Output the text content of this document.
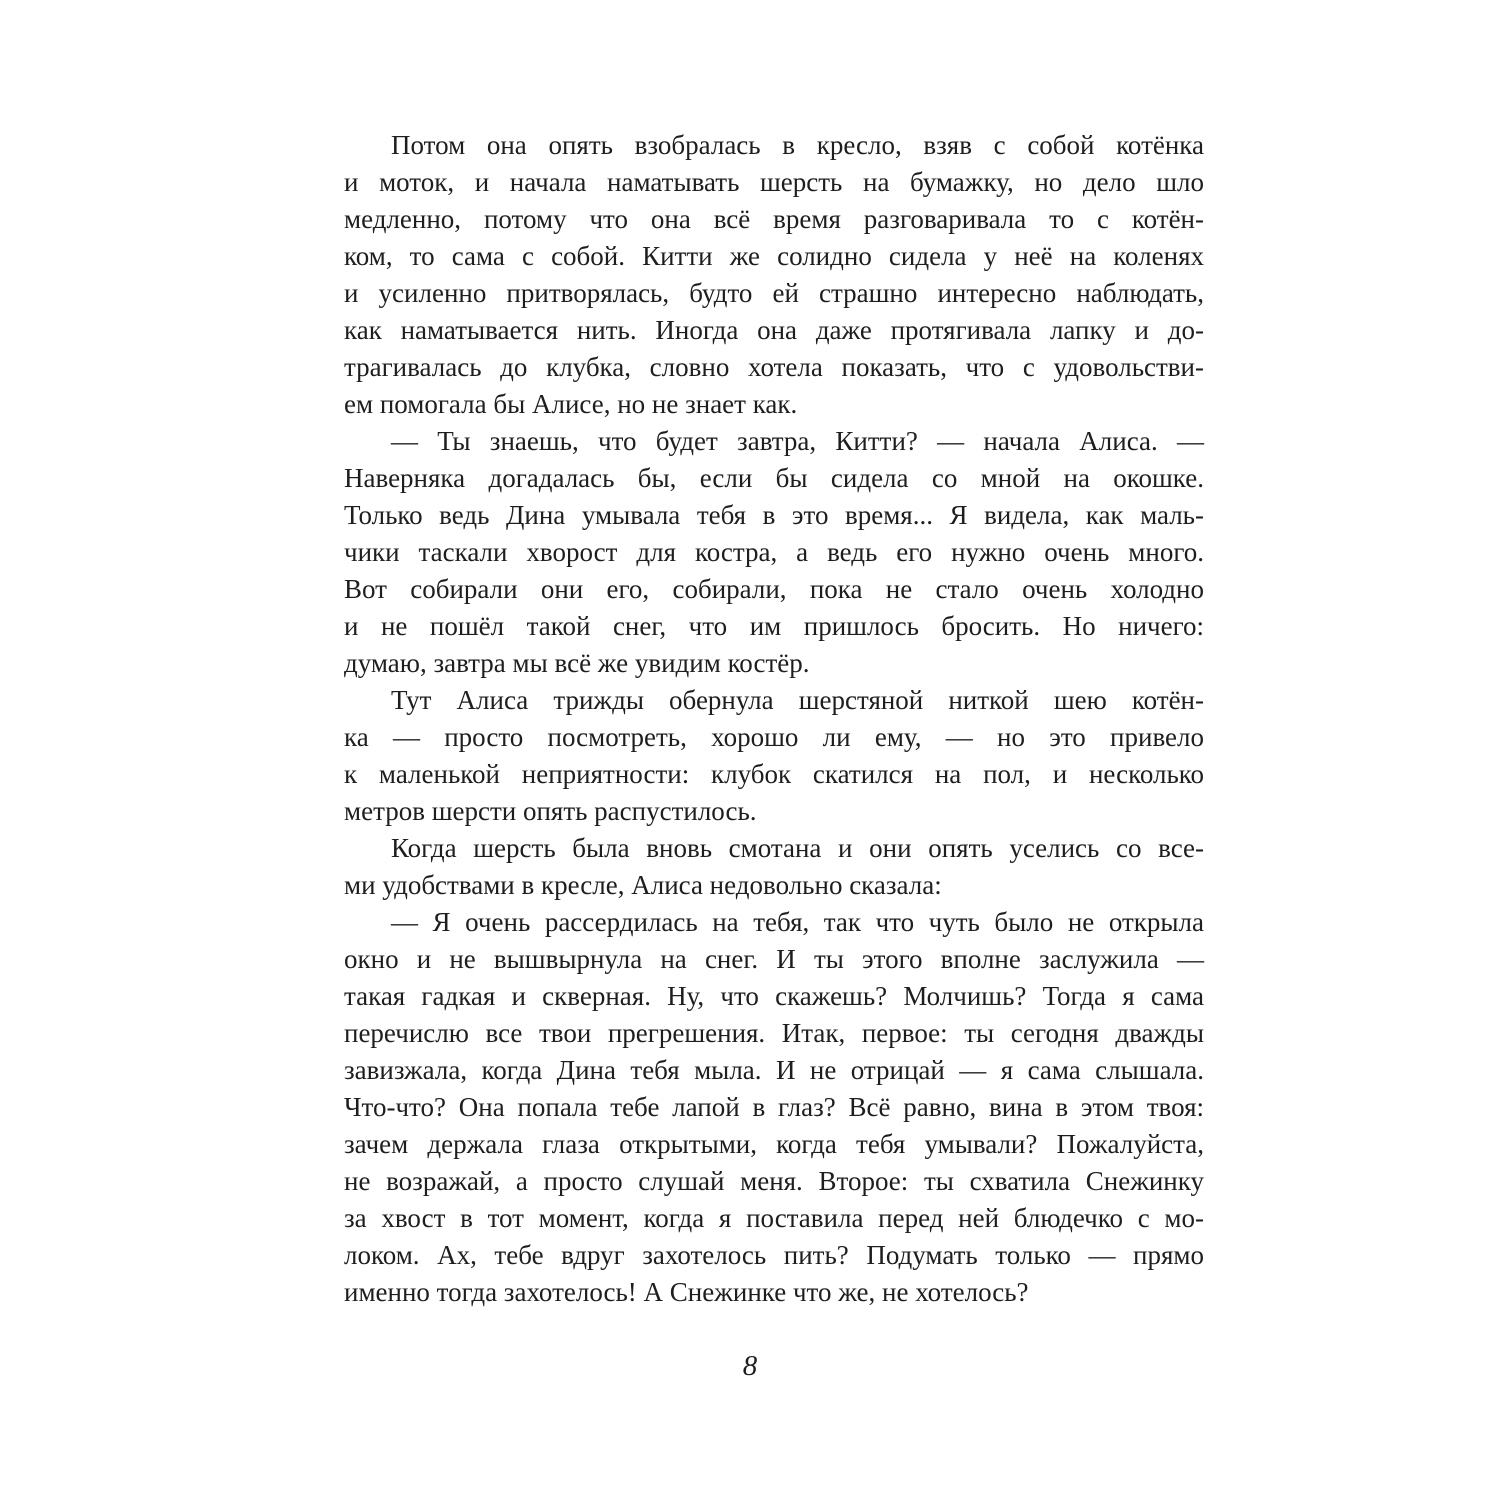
Потом она опять взобралась в кресло, взяв с собой котёнка
и моток, и начала наматывать шерсть на бумажку, но дело шло
медленно, потому что она всё время разговаривала то с котён-
ком, то сама с собой. Китти же солидно сидела у неё на коленях
и усиленно притворялась, будто ей страшно интересно наблюдать,
как наматывается нить. Иногда она даже протягивала лапку и до-
трагивалась до клубка, словно хотела показать, что с удовольстви-
ем помогала бы Алисе, но не знает как.
— Ты знаешь, что будет завтра, Китти? — начала Алиса. —
Наверняка догадалась бы, если бы сидела со мной на окошке.
Только ведь Дина умывала тебя в это время... Я видела, как маль-
чики таскали хворост для костра, а ведь его нужно очень много.
Вот собирали они его, собирали, пока не стало очень холодно
и не пошёл такой снег, что им пришлось бросить. Но ничего:
думаю, завтра мы всё же увидим костёр.
Тут Алиса трижды обернула шерстяной ниткой шею котён-
ка — просто посмотреть, хорошо ли ему, — но это привело
к маленькой неприятности: клубок скатился на пол, и несколько
метров шерсти опять распустилось.
Когда шерсть была вновь смотана и они опять уселись со все-
ми удобствами в кресле, Алиса недовольно сказала:
— Я очень рассердилась на тебя, так что чуть было не открыла
окно и не вышвырнула на снег. И ты этого вполне заслужила —
такая гадкая и скверная. Ну, что скажешь? Молчишь? Тогда я сама
перечислю все твои прегрешения. Итак, первое: ты сегодня дважды
завизжала, когда Дина тебя мыла. И не отрицай — я сама слышала.
Что-что? Она попала тебе лапой в глаз? Всё равно, вина в этом твоя:
зачем держала глаза открытыми, когда тебя умывали? Пожалуйста,
не возражай, а просто слушай меня. Второе: ты схватила Снежинку
за хвост в тот момент, когда я поставила перед ней блюдечко с мо-
локом. Ах, тебе вдруг захотелось пить? Подумать только — прямо
именно тогда захотелось! А Снежинке что же, не хотелось?
8
